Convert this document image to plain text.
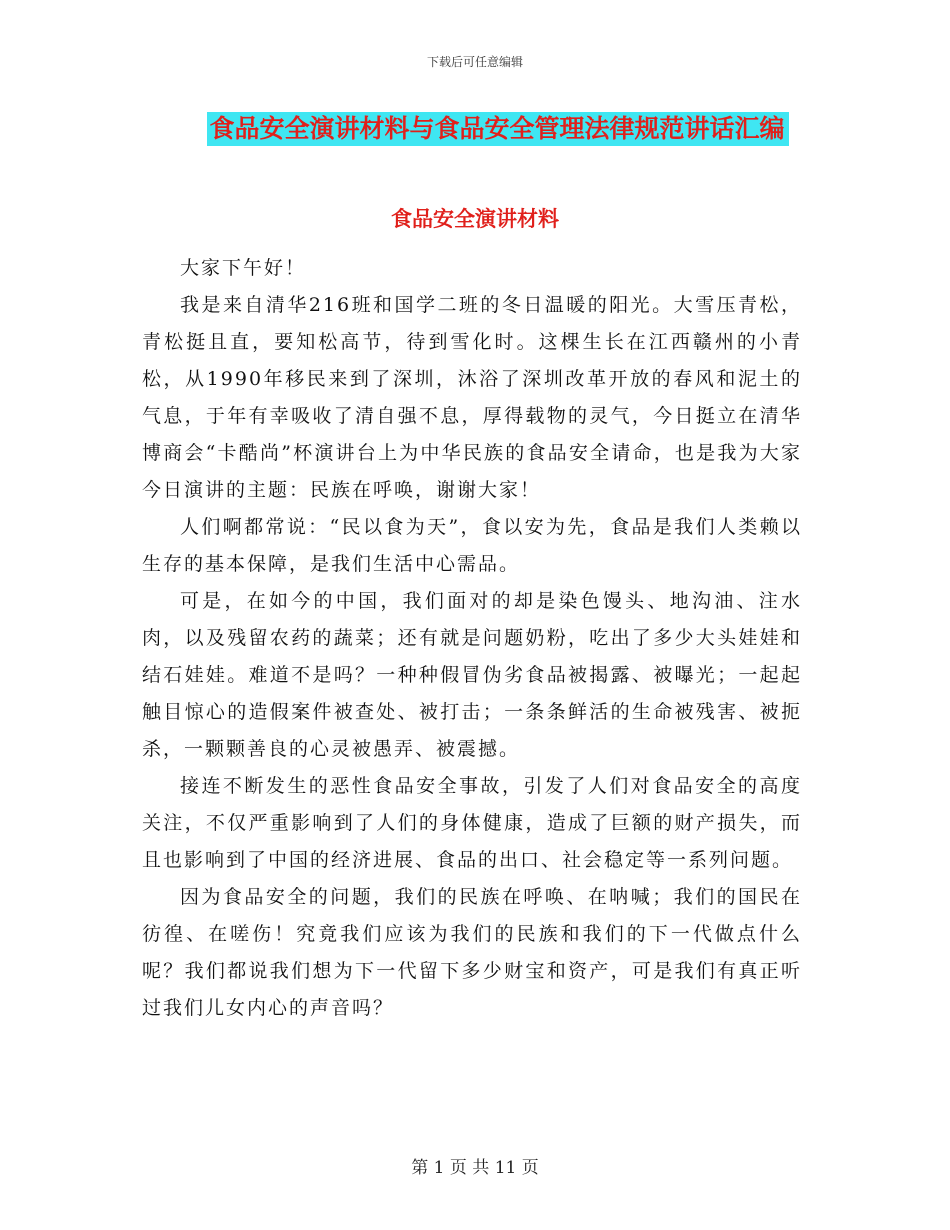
下载后可任意编辑
食品安全演讲材料与食品安全管理法律规范讲话汇编
食品安全演讲材料

大家下午好！

我是来自清华216班和国学二班的冬日温暖的阳光。大雪压青松，青松挺且直，要知松高节，待到雪化时。这棵生长在江西赣州的小青松，从1990年移民来到了深圳，沐浴了深圳改革开放的春风和泥土的气息，于年有幸吸收了清自强不息，厚得载物的灵气，今日挺立在清华博商会“卡酷尚”杯演讲台上为中华民族的食品安全请命，也是我为大家今日演讲的主题：民族在呼唤，谢谢大家！

人们啊都常说：“民以食为天”，食以安为先，食品是我们人类赖以生存的基本保障，是我们生活中心需品。

可是，在如今的中国，我们面对的却是染色馒头、地沟油、注水肉，以及残留农药的蔬菜；还有就是问题奶粉，吃出了多少大头娃娃和结石娃娃。难道不是吗？一种种假冒伪劣食品被揭露、被曝光；一起起触目惊心的造假案件被查处、被打击；一条条鲜活的生命被残害、被扼杀，一颗颗善良的心灵被愚弄、被震撼。

接连不断发生的恶性食品安全事故，引发了人们对食品安全的高度关注，不仅严重影响到了人们的身体健康，造成了巨额的财产损失，而且也影响到了中国的经济进展、食品的出口、社会稳定等一系列问题。

因为食品安全的问题，我们的民族在呼唤、在呐喊；我们的国民在彷徨、在嗟伤！究竟我们应该为我们的民族和我们的下一代做点什么呢？我们都说我们想为下一代留下多少财宝和资产，可是我们有真正听过我们儿女内心的声音吗？

第 1 页 共 11 页
